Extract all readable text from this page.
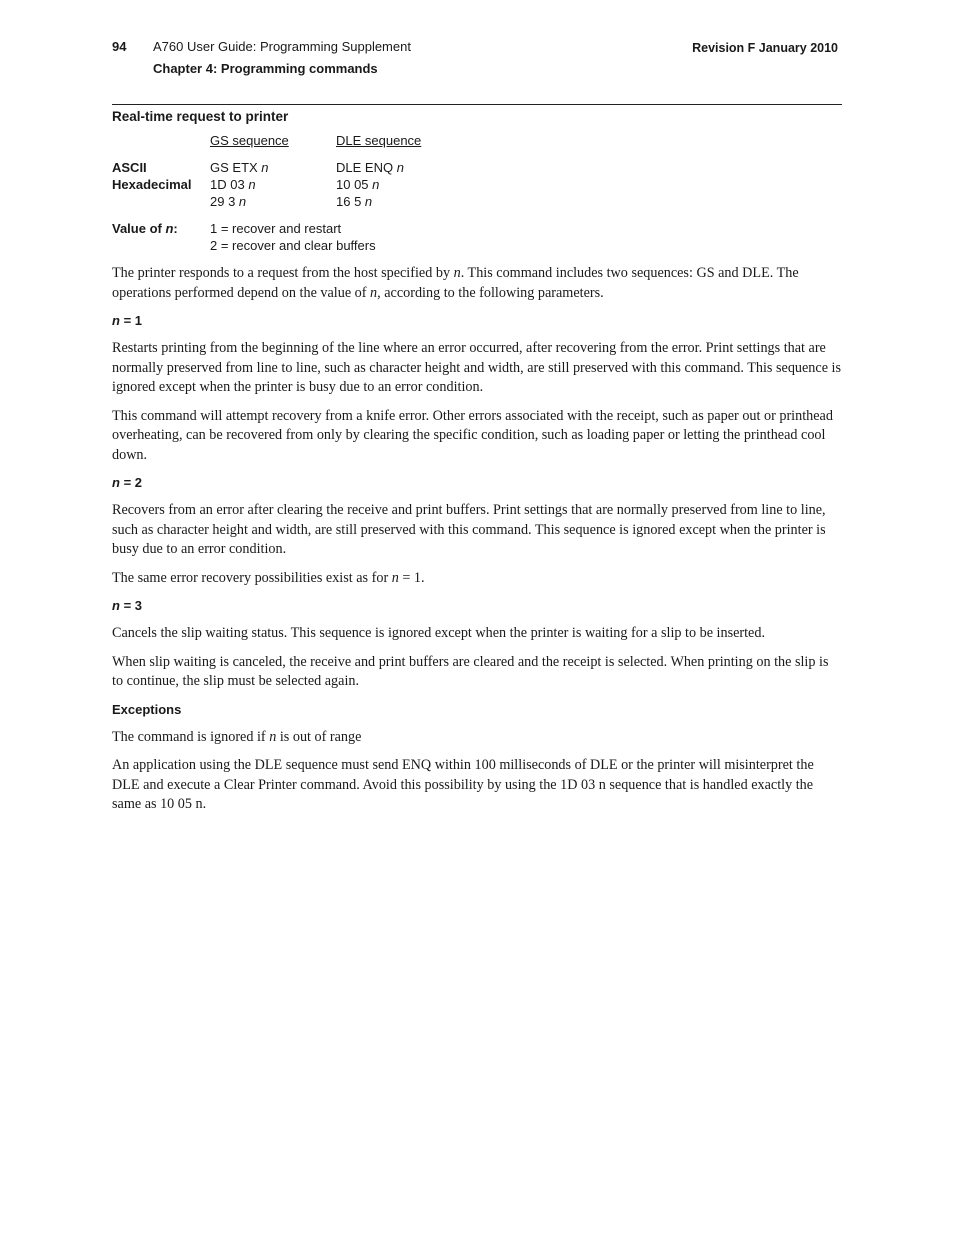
94 A760 User Guide: Programming Supplement
Chapter 4: Programming commands
Revision F January 2010
Real-time request to printer
GS sequence	DLE sequence
ASCII	GS ETX n	DLE ENQ n
Hexadecimal 1D 03 n	10 05 n
29 3 n	16 5 n
Value of n: 1 = recover and restart
2 = recover and clear buffers

The printer responds to a request from the host specified by n. This command includes two sequences: GS and DLE. The operations performed depend on the value of n, according to the following parameters.

n = 1

Restarts printing from the beginning of the line where an error occurred, after recovering from the error. Print settings that are normally preserved from line to line, such as character height and width, are still preserved with this command. This sequence is ignored except when the printer is busy due to an error condition.

This command will attempt recovery from a knife error. Other errors associated with the receipt, such as paper out or printhead overheating, can be recovered from only by clearing the specific condition, such as loading paper or letting the printhead cool down.

n = 2

Recovers from an error after clearing the receive and print buffers. Print settings that are normally preserved from line to line, such as character height and width, are still preserved with this command. This sequence is ignored except when the printer is busy due to an error condition.

The same error recovery possibilities exist as for n = 1.

n = 3

Cancels the slip waiting status. This sequence is ignored except when the printer is waiting for a slip to be inserted.

When slip waiting is canceled, the receive and print buffers are cleared and the receipt is selected. When printing on the slip is to continue, the slip must be selected again.

Exceptions

The command is ignored if n is out of range

An application using the DLE sequence must send ENQ within 100 milliseconds of DLE or the printer will misinterpret the DLE and execute a Clear Printer command. Avoid this possibility by using the 1D 03 n sequence that is handled exactly the same as 10 05 n.
